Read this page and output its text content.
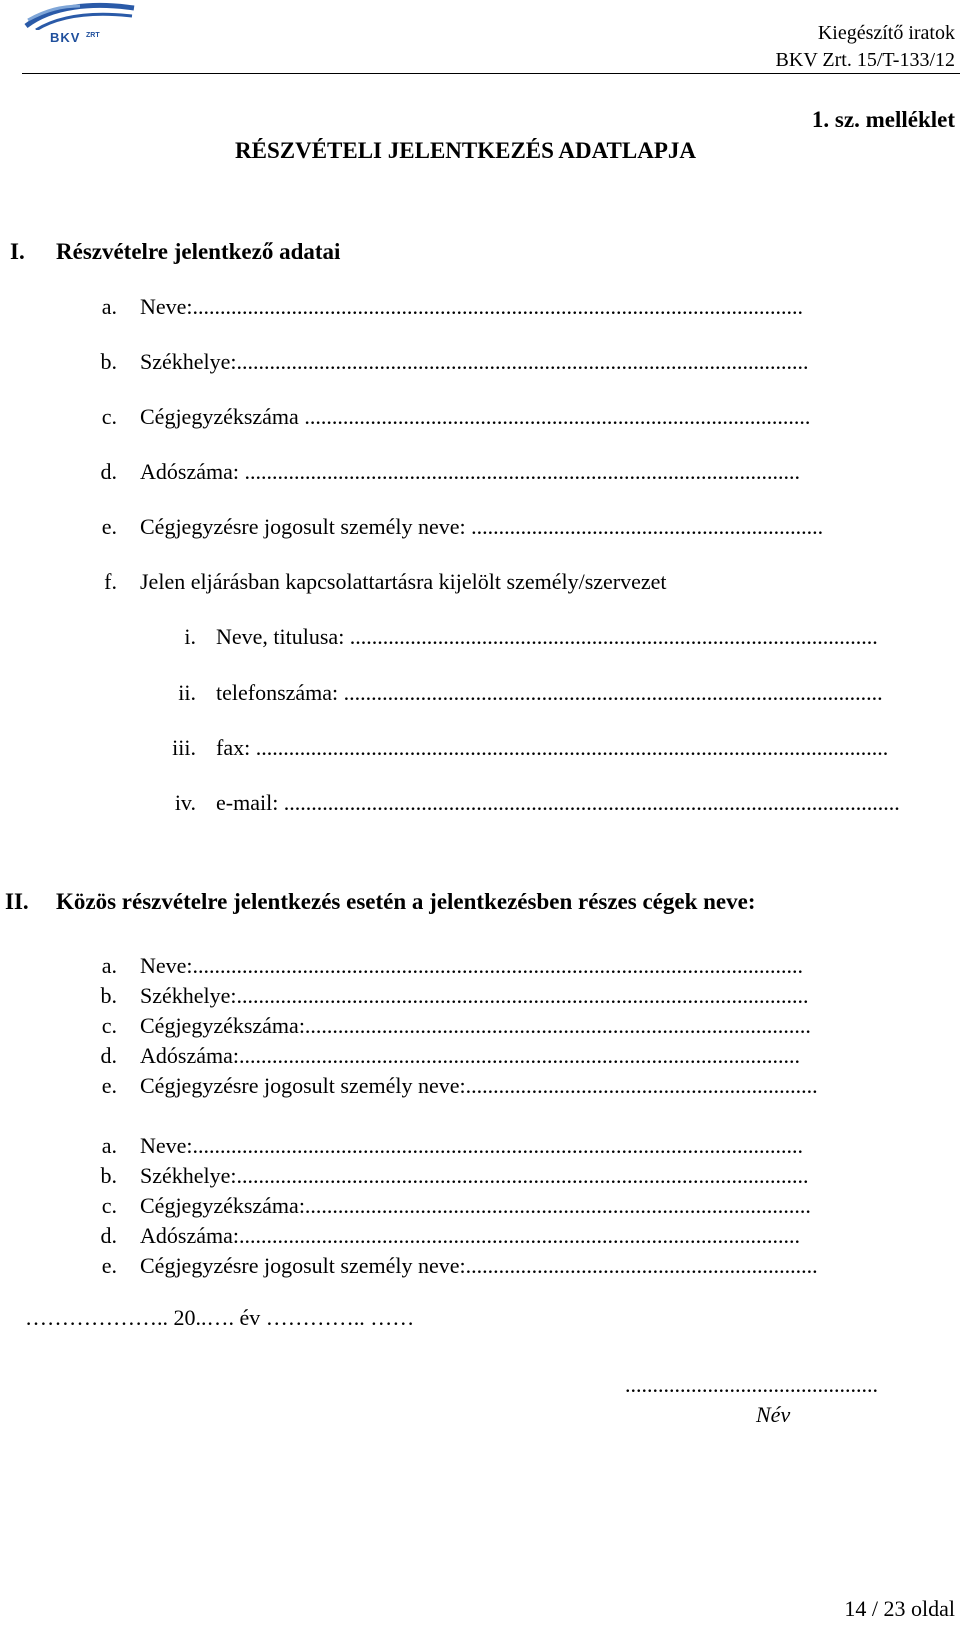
BKV ZRT	Kiegészítő iratok
BKV Zrt. 15/T-133/12
1. sz. melléklet
RÉSZVÉTELI JELENTKEZÉS ADATLAPJA
I. Részvételre jelentkező adatai
a. Neve:...............................................................................................................
b. Székhelye:........................................................................................................
c. Cégjegyzékszáma ............................................................................................
d. Adószáma: .....................................................................................................
e. Cégjegyzésre jogosult személy neve: ................................................................
f. Jelen eljárásban kapcsolattartásra kijelölt személy/szervezet
i. Neve, titulusa: ................................................................................................
ii. telefonszáma: ..................................................................................................
iii. fax: ...................................................................................................................
iv. e-mail: ................................................................................................................
II. Közös részvételre jelentkezés esetén a jelentkezésben részes cégek neve:
a. Neve:...............................................................................................................
b. Székhelye:........................................................................................................
c. Cégjegyzékszáma:............................................................................................
d. Adószáma:......................................................................................................
e. Cégjegyzésre jogosult személy neve:................................................................
a. Neve:...............................................................................................................
b. Székhelye:........................................................................................................
c. Cégjegyzékszáma:............................................................................................
d. Adószáma:......................................................................................................
e. Cégjegyzésre jogosult személy neve:................................................................
……………….. 20..…. év ………….. ……
..............................................
Név
14 / 23 oldal
